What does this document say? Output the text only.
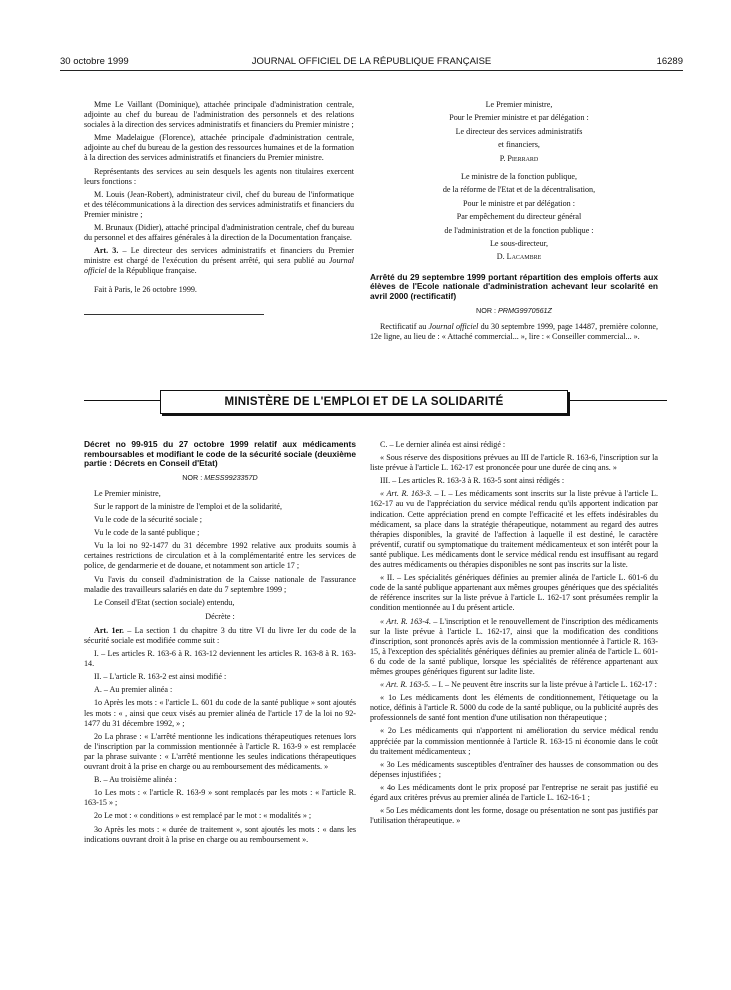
30 octobre 1999	JOURNAL OFFICIEL DE LA RÉPUBLIQUE FRANÇAISE	16289

Mme Le Vaillant (Dominique), attachée principale d'administration centrale, adjointe au chef du bureau de l'administration des personnels et des relations sociales à la direction des services administratifs et financiers du Premier ministre ;

Mme Madelaigue (Florence), attachée principale d'administration centrale, adjointe au chef du bureau de la gestion des ressources humaines et de la formation à la direction des services administratifs et financiers du Premier ministre.

Représentants des services au sein desquels les agents non titulaires exercent leurs fonctions :

M. Louis (Jean-Robert), administrateur civil, chef du bureau de l'informatique et des télécommunications à la direction des services administratifs et financiers du Premier ministre ;

M. Brunaux (Didier), attaché principal d'administration centrale, chef du bureau du personnel et des affaires générales à la direction de la Documentation française.

Art. 3. – Le directeur des services administratifs et financiers du Premier ministre est chargé de l'exécution du présent arrêté, qui sera publié au Journal officiel de la République française.

Fait à Paris, le 26 octobre 1999.

Le Premier ministre,

Pour le Premier ministre et par délégation :

Le directeur des services administratifs

et financiers,

P. Pierrard

Le ministre de la fonction publique,

de la réforme de l'Etat et de la décentralisation,

Pour le ministre et par délégation :

Par empêchement du directeur général

de l'administration et de la fonction publique :

Le sous-directeur,

D. Lacambre

Arrêté du 29 septembre 1999 portant répartition des emplois offerts aux élèves de l'Ecole nationale d'administration achevant leur scolarité en avril 2000 (rectificatif)
NOR : PRMG9970561Z

Rectificatif au Journal officiel du 30 septembre 1999, page 14487, première colonne, 12e ligne, au lieu de : « Attaché commercial... », lire : « Conseiller commercial... ».

MINISTÈRE DE L'EMPLOI ET DE LA SOLIDARITÉ
Décret no 99-915 du 27 octobre 1999 relatif aux médicaments remboursables et modifiant le code de la sécurité sociale (deuxième partie : Décrets en Conseil d'Etat)
NOR : MESS9923357D

Le Premier ministre,

Sur le rapport de la ministre de l'emploi et de la solidarité,

Vu le code de la sécurité sociale ;

Vu le code de la santé publique ;

Vu la loi no 92-1477 du 31 décembre 1992 relative aux produits soumis à certaines restrictions de circulation et à la complémentarité entre les services de police, de gendarmerie et de douane, et notamment son article 17 ;

Vu l'avis du conseil d'administration de la Caisse nationale de l'assurance maladie des travailleurs salariés en date du 7 septembre 1999 ;

Le Conseil d'Etat (section sociale) entendu,

Décrète :

Art. 1er. – La section 1 du chapitre 3 du titre VI du livre Ier du code de la sécurité sociale est modifiée comme suit :

I. – Les articles R. 163-6 à R. 163-12 deviennent les articles R. 163-8 à R. 163-14.

II. – L'article R. 163-2 est ainsi modifié :

A. – Au premier alinéa :

1o Après les mots : « l'article L. 601 du code de la santé publique » sont ajoutés les mots : « , ainsi que ceux visés au premier alinéa de l'article 17 de la loi no 92-1477 du 31 décembre 1992, » ;

2o La phrase : « L'arrêté mentionne les indications thérapeutiques retenues lors de l'inscription par la commission mentionnée à l'article R. 163-9 » est remplacée par la phrase suivante : « L'arrêté mentionne les seules indications thérapeutiques ouvrant droit à la prise en charge ou au remboursement des médicaments. »

B. – Au troisième alinéa :

1o Les mots : « l'article R. 163-9 » sont remplacés par les mots : « l'article R. 163-15 » ;

2o Le mot : « conditions » est remplacé par le mot : « modalités » ;

3o Après les mots : « durée de traitement », sont ajoutés les mots : « dans les indications ouvrant droit à la prise en charge ou au remboursement ».

C. – Le dernier alinéa est ainsi rédigé :

« Sous réserve des dispositions prévues au III de l'article R. 163-6, l'inscription sur la liste prévue à l'article L. 162-17 est prononcée pour une durée de cinq ans. »

III. – Les articles R. 163-3 à R. 163-5 sont ainsi rédigés :

« Art. R. 163-3. – I. – Les médicaments sont inscrits sur la liste prévue à l'article L. 162-17 au vu de l'appréciation du service médical rendu qu'ils apportent indication par indication. Cette appréciation prend en compte l'efficacité et les effets indésirables du médicament, sa place dans la stratégie thérapeutique, notamment au regard des autres thérapies disponibles, la gravité de l'affection à laquelle il est destiné, le caractère préventif, curatif ou symptomatique du traitement médicamenteux et son intérêt pour la santé publique. Les médicaments dont le service médical rendu est insuffisant au regard des autres médicaments ou thérapies disponibles ne sont pas inscrits sur la liste.

« II. – Les spécialités génériques définies au premier alinéa de l'article L. 601-6 du code de la santé publique appartenant aux mêmes groupes génériques que des spécialités de référence inscrites sur la liste prévue à l'article L. 162-17 sont présumées remplir la condition mentionnée au I du présent article.

« Art. R. 163-4. – L'inscription et le renouvellement de l'inscription des médicaments sur la liste prévue à l'article L. 162-17, ainsi que la modification des conditions d'inscription, sont prononcés après avis de la commission mentionnée à l'article R. 163-15, à l'exception des spécialités génériques définies au premier alinéa de l'article L. 601-6 du code de la santé publique, lorsque les spécialités de référence appartenant aux mêmes groupes génériques figurent sur ladite liste.

« Art. R. 163-5. – I. – Ne peuvent être inscrits sur la liste prévue à l'article L. 162-17 :

« 1o Les médicaments dont les éléments de conditionnement, l'étiquetage ou la notice, définis à l'article R. 5000 du code de la santé publique, ou la publicité auprès des professionnels de santé font mention d'une utilisation non thérapeutique ;

« 2o Les médicaments qui n'apportent ni amélioration du service médical rendu appréciée par la commission mentionnée à l'article R. 163-15 ni économie dans le coût du traitement médicamenteux ;

« 3o Les médicaments susceptibles d'entraîner des hausses de consommation ou des dépenses injustifiées ;

« 4o Les médicaments dont le prix proposé par l'entreprise ne serait pas justifié eu égard aux critères prévus au premier alinéa de l'article L. 162-16-1 ;

« 5o Les médicaments dont les forme, dosage ou présentation ne sont pas justifiés par l'utilisation thérapeutique. »
